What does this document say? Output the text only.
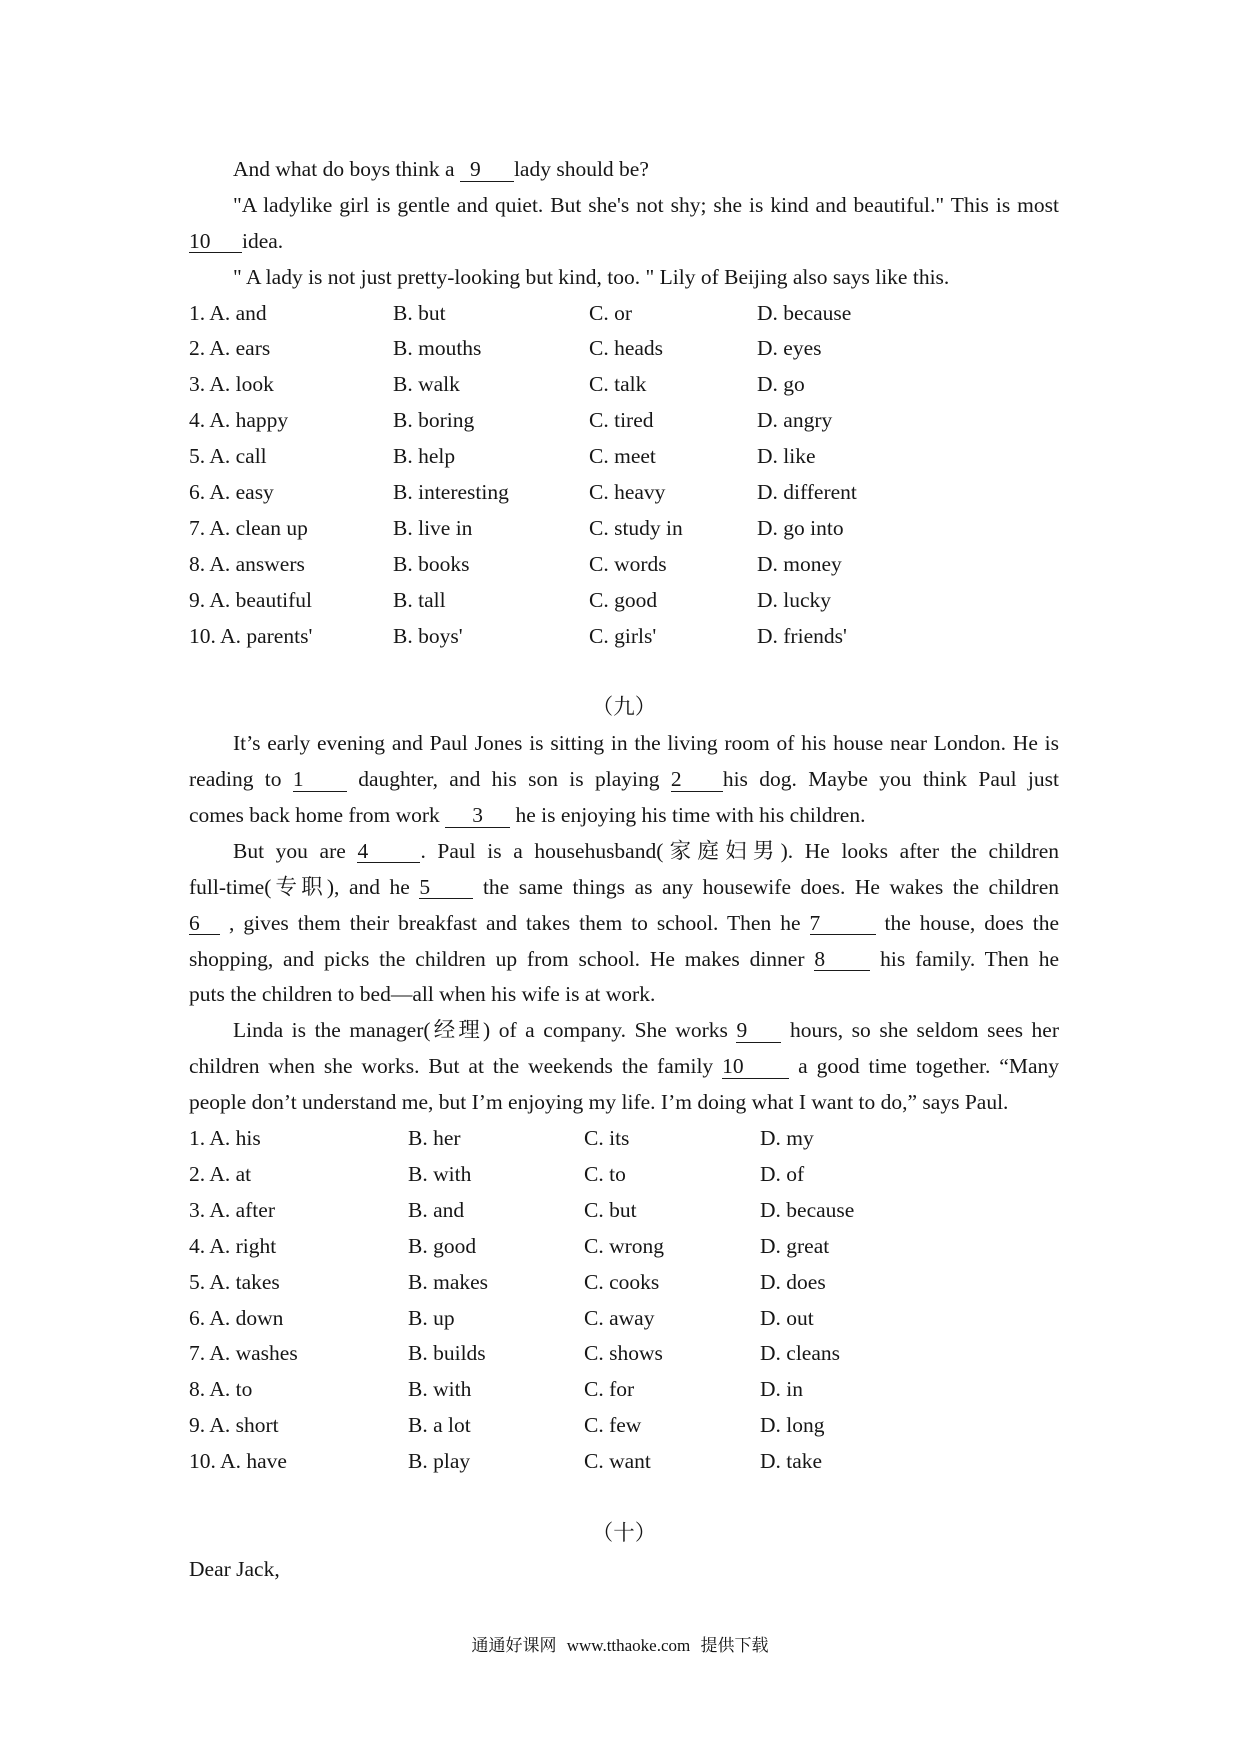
And what do boys think a 9 lady should be?
"A ladylike girl is gentle and quiet. But she's not shy; she is kind and beautiful." This is most
10 idea.
" A lady is not just pretty-looking but kind, too. " Lily of Beijing also says like this.
1. A. and	B. but	C. or	D. because
2. A. ears	B. mouths	C. heads	D. eyes
3. A. look	B. walk	C. talk	D. go
4. A. happy	B. boring	C. tired	D. angry
5. A. call	B. help	C. meet	D. like
6. A. easy	B. interesting	C. heavy	D. different
7. A. clean up	B. live in	C. study in	D. go into
8. A. answers	B. books	C. words	D. money
9. A. beautiful	B. tall	C. good	D. lucky
10. A. parents'	B. boys'	C. girls'	D. friends'
（九）
It’s early evening and Paul Jones is sitting in the living room of his house near London. He is
reading to 1 daughter, and his son is playing 2 his dog. Maybe you think Paul just
comes back home from work 3 he is enjoying his time with his children.
But you are 4 . Paul is a househusband(家庭妇男). He looks after the children
full-time(专职), and he 5 the same things as any housewife does. He wakes the children
6 , gives them their breakfast and takes them to school. Then he 7	the house, does the
shopping, and picks the children up from school. He makes dinner 8 his family. Then he
puts the children to bed—all when his wife is at work.
Linda is the manager(经理) of a company. She works 9 hours, so she seldom sees her
children when she works. But at the weekends the family 10 a good time together. “Many
people don’t understand me, but I’m enjoying my life. I’m doing what I want to do,” says Paul.
1. A. his	B. her	C. its	D. my
2. A. at	B. with	C. to	D. of
3. A. after	B. and	C. but	D. because
4. A. right	B. good	C. wrong	D. great
5. A. takes	B. makes	C. cooks	D. does
6. A. down	B. up	C. away	D. out
7. A. washes	B. builds	C. shows	D. cleans
8. A. to	B. with	C. for	D. in
9. A. short	B. a lot	C. few	D. long
10. A. have	B. play	C. want	D. take
（十）
Dear Jack,
通通好课网 www.tthaoke.com 提供下载
